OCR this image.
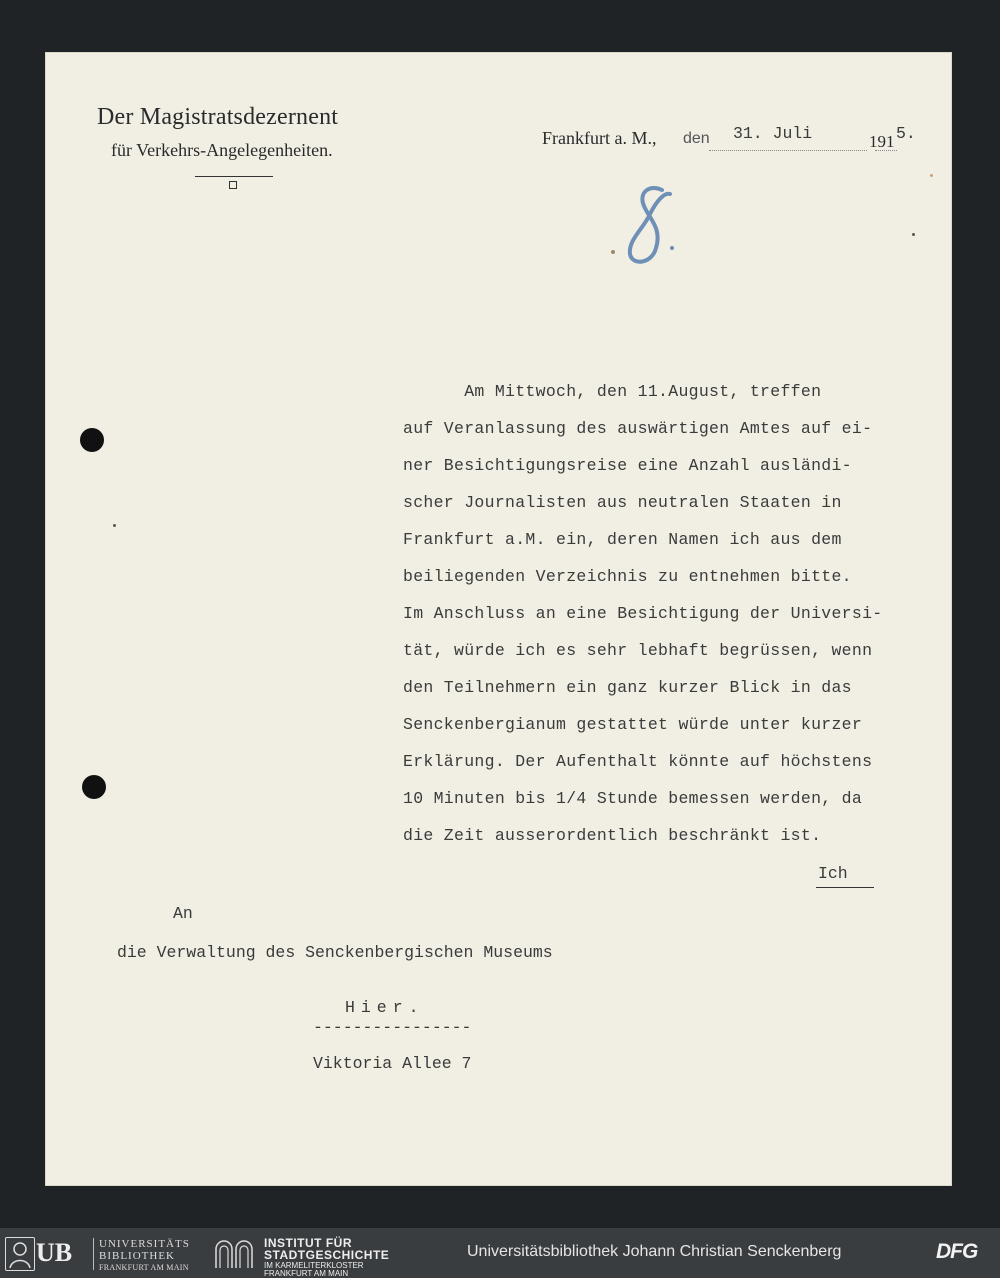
Der Magistratsdezernent
für Verkehrs-Angelegenheiten.
Frankfurt a. M., den 31. Juli	191 5.
Am Mittwoch, den 11.August, treffen
auf Veranlassung des auswärtigen Amtes auf ei-
ner Besichtigungsreise eine Anzahl ausländi-
scher Journalisten aus neutralen Staaten in
Frankfurt a.M. ein, deren Namen ich aus dem
beiliegenden Verzeichnis zu entnehmen bitte.
Im Anschluss an eine Besichtigung der Universi-
tät, würde ich es sehr lebhaft begrüssen, wenn
den Teilnehmern ein ganz kurzer Blick in das
Senckenbergianum gestattet würde unter kurzer
Erklärung. Der Aufenthalt könnte auf höchstens
10 Minuten bis 1/4 Stunde bemessen werden, da
die Zeit ausserordentlich beschränkt ist.
Ich
An
die Verwaltung des Senckenbergischen Museums
Hier.
----------------
Viktoria Allee 7
UB UNIVERSITÄTS
BIBLIOTHEK
FRANKFURT AM MAIN
INSTITUT FÜR
STADTGESCHICHTE
IM KARMELITERKLOSTER
FRANKFURT AM MAIN
Universitätsbibliothek Johann Christian Senckenberg	DFG
